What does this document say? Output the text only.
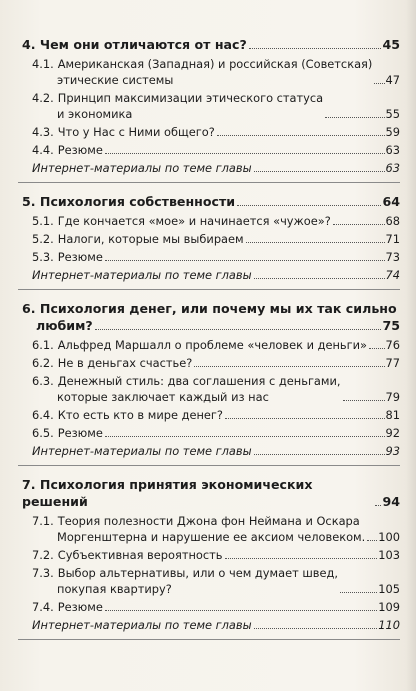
4. Чем они отличаются от нас?	45
4.1. Американская (Западная) и российская (Советская)
этические системы	47
4.2. Принцип максимизации этического статуса
и экономика	55
4.3. Что у Нас с Ними общего?	59
4.4. Резюме	63
Интернет-материалы по теме главы	63
5. Психология собственности	64
5.1. Где кончается «мое» и начинается «чужое»?	68
5.2. Налоги, которые мы выбираем	71
5.3. Резюме	73
Интернет-материалы по теме главы	74
6. Психология денег, или почему мы их так сильно
любим?	75
6.1. Альфред Маршалл о проблеме «человек и деньги» 76
6.2. Не в деньгах счастье?	77
6.3. Денежный стиль: два соглашения с деньгами,
которые заключает каждый из нас	79
6.4. Кто есть кто в мире денег?	81
6.5. Резюме	92
Интернет-материалы по теме главы	93
7. Психология принятия экономических решений	94
7.1. Теория полезности Джона фон Неймана и Оскара
Моргенштерна и нарушение ее аксиом человеком. 100
7.2. Субъективная вероятность	103
7.3. Выбор альтернативы, или о чем думает швед,
покупая квартиру?	105
7.4. Резюме	109
Интернет-материалы по теме главы	110
